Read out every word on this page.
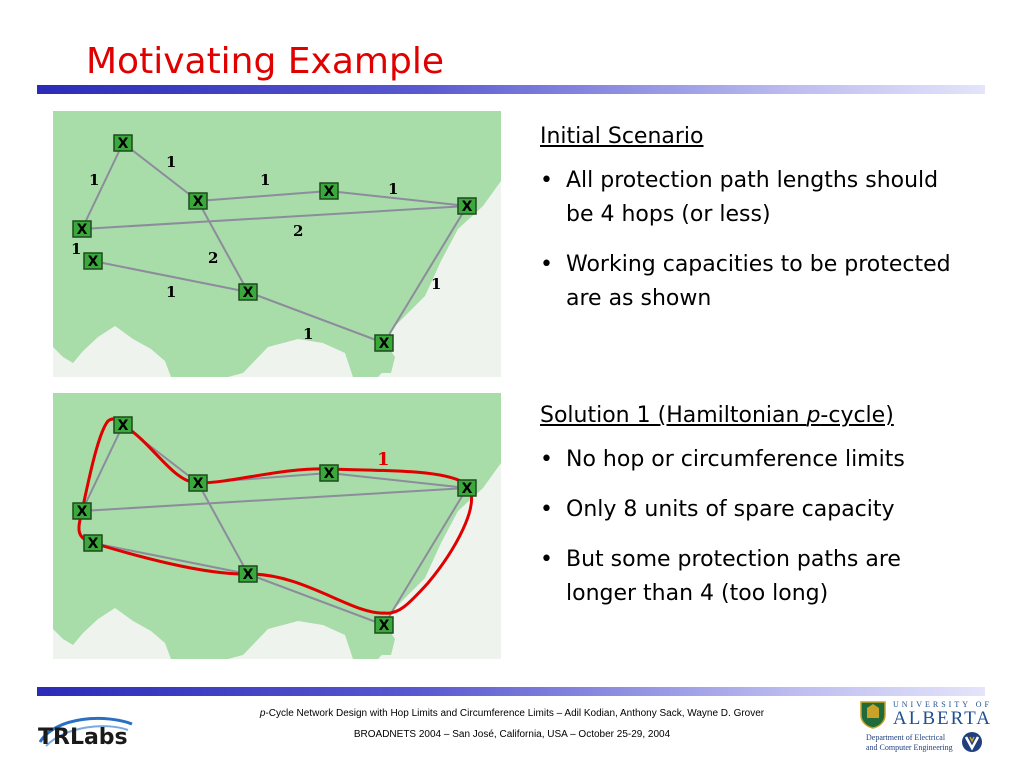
Motivating Example
X
X
X
X
X
X
X
X
1
1	1	1
2
1	2
1	1
1
Initial Scenario
• All protection path lengths should be 4 hops (or less)
• Working capacities to be protected are as shown
X
X
X
X
X
X
X
X
1
Solution 1 (Hamiltonian p-cycle)
• No hop or circumference limits
• Only 8 units of spare capacity
• But some protection paths are longer than 4 (too long)
p-Cycle Network Design with Hop Limits and Circumference Limits – Adil Kodian, Anthony Sack, Wayne D. Grover
BROADNETS 2004 – San José, California, USA – October 25-29, 2004
TRLabs
UNIVERSITY OF
ALBERTA
Department of Electrical
and Computer Engineering
